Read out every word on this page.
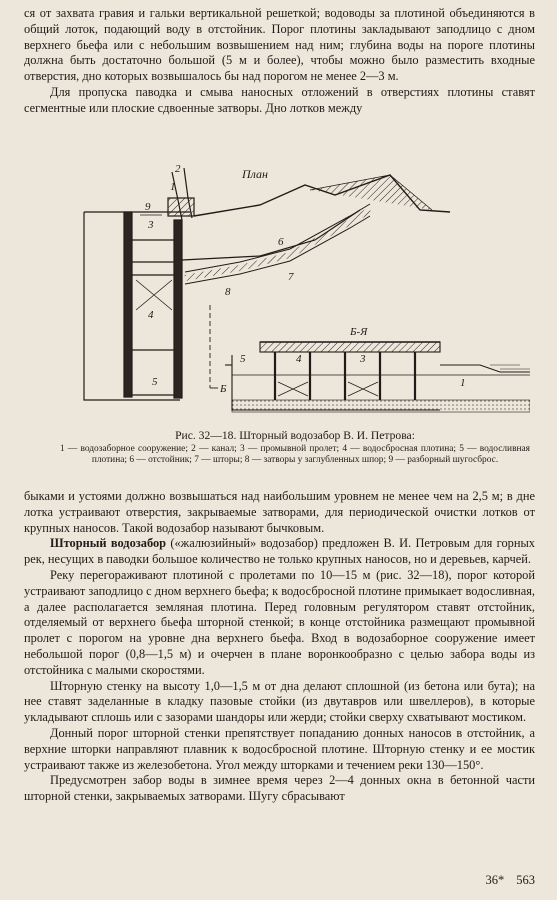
ся от захвата гравия и гальки вертикальной решеткой; водоводы за плотиной объединяются в общий лоток, подающий воду в отстойник. Порог плотины закладывают заподлицо с дном верхнего бьефа или с небольшим возвышением над ним; глубина воды на пороге плотины должна быть достаточно большой (5 м и более), чтобы можно было разместить входные отверстия, дно которых возвышалось бы над порогом не менее 2—3 м.

Для пропуска паводка и смыва наносных отложений в отверстиях плотины ставят сегментные или плоские сдвоенные затворы. Дно лотков между

План
2
1
3
4
5
6
7
8
9
Б
Б-Я
5	4	3
1
Рис. 32—18. Шторный водозабор В. И. Петрова:
1 — водозаборное сооружение; 2 — канал; 3 — промывной пролет; 4 — водосбросная плотина; 5 — водосливная плотина; 6 — отстойник; 7 — шторы; 8 — затворы у заглубленных шпор; 9 — разборный шугосброс.

быками и устоями должно возвышаться над наибольшим уровнем не менее чем на 2,5 м; в дне лотка устраивают отверстия, закрываемые затворами, для периодической очистки лотков от крупных наносов. Такой водозабор называют бычковым.

Шторный водозабор («жалюзийный» водозабор) предложен В. И. Петровым для горных рек, несущих в паводки большое количество не только крупных наносов, но и деревьев, карчей.

Реку перегораживают плотиной с пролетами по 10—15 м (рис. 32—18), порог которой устраивают заподлицо с дном верхнего бьефа; к водосбросной плотине примыкает водосливная, а далее располагается земляная плотина. Перед головным регулятором ставят отстойник, отделяемый от верхнего бьефа шторной стенкой; в конце отстойника размещают промывной пролет с порогом на уровне дна верхнего бьефа. Вход в водозаборное сооружение имеет небольшой порог (0,8—1,5 м) и очерчен в плане воронкообразно с целью забора воды из отстойника с малыми скоростями.

Шторную стенку на высоту 1,0—1,5 м от дна делают сплошной (из бетона или бута); на нее ставят заделанные в кладку пазовые стойки (из двутавров или швеллеров), в которые укладывают сплошь или с зазорами шандоры или жерди; стойки сверху схватывают мостиком.

Донный порог шторной стенки препятствует попаданию донных наносов в отстойник, а верхние шторки направляют плавник к водосбросной плотине. Шторную стенку и ее мостик устраивают также из железобетона. Угол между шторками и течением реки 130—150°.

Предусмотрен забор воды в зимнее время через 2—4 донных окна в бетонной части шторной стенки, закрываемых затворами. Шугу сбрасывают

36* 563
